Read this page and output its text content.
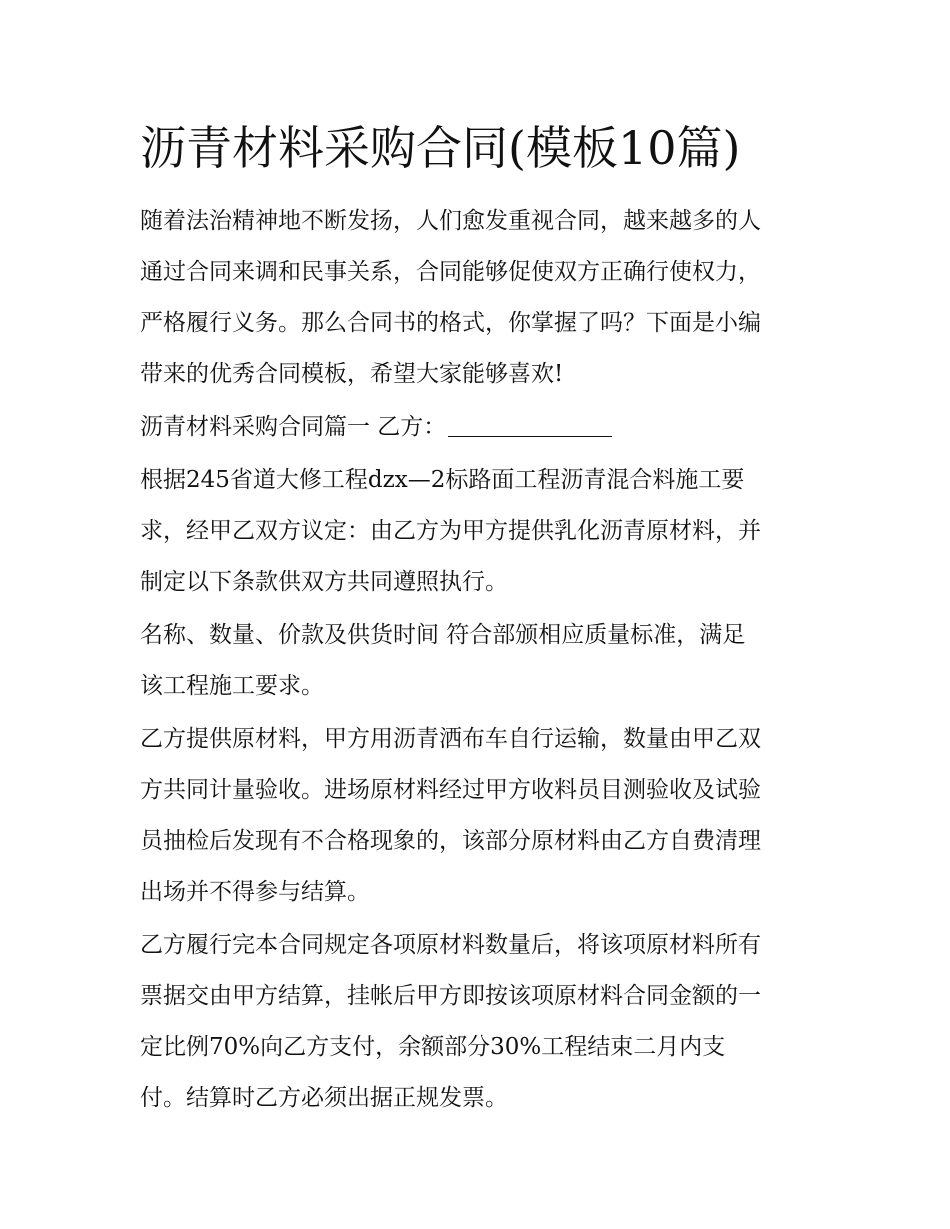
沥青材料采购合同(模板10篇)

随着法治精神地不断发扬，人们愈发重视合同，越来越多的人
通过合同来调和民事关系，合同能够促使双方正确行使权力，
严格履行义务。那么合同书的格式，你掌握了吗？下面是小编
带来的优秀合同模板，希望大家能够喜欢!

沥青材料采购合同篇一 乙方：

根据245省道大修工程dzx—2标路面工程沥青混合料施工要
求，经甲乙双方议定：由乙方为甲方提供乳化沥青原材料，并
制定以下条款供双方共同遵照执行。

名称、数量、价款及供货时间 符合部颁相应质量标准，满足
该工程施工要求。

乙方提供原材料，甲方用沥青洒布车自行运输，数量由甲乙双
方共同计量验收。进场原材料经过甲方收料员目测验收及试验
员抽检后发现有不合格现象的，该部分原材料由乙方自费清理
出场并不得参与结算。

乙方履行完本合同规定各项原材料数量后，将该项原材料所有
票据交由甲方结算，挂帐后甲方即按该项原材料合同金额的一
定比例70%向乙方支付，余额部分30%工程结束二月内支
付。结算时乙方必须出据正规发票。
